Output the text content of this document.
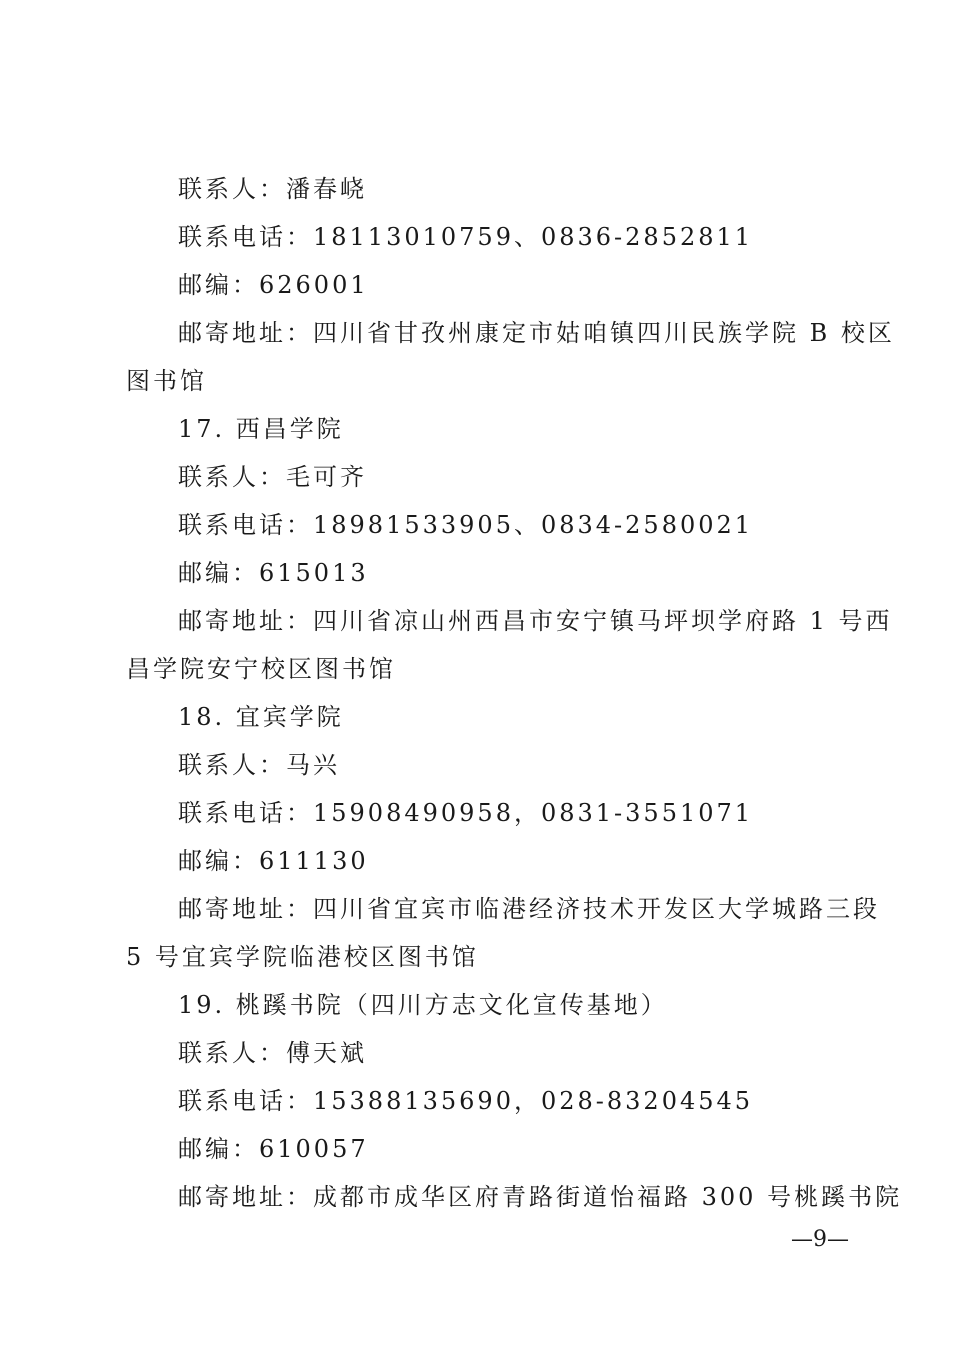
联系人：潘春峣
联系电话：18113010759、0836-2852811
邮编：626001
邮寄地址：四川省甘孜州康定市姑咱镇四川民族学院 B 校区
图书馆
17. 西昌学院
联系人：毛可齐
联系电话：18981533905、0834-2580021
邮编：615013
邮寄地址：四川省凉山州西昌市安宁镇马坪坝学府路 1 号西
昌学院安宁校区图书馆
18. 宜宾学院
联系人：马兴
联系电话：15908490958，0831-3551071
邮编：611130
邮寄地址：四川省宜宾市临港经济技术开发区大学城路三段
5 号宜宾学院临港校区图书馆
19. 桃蹊书院（四川方志文化宣传基地）
联系人：傅天斌
联系电话：15388135690，028-83204545
邮编：610057
邮寄地址：成都市成华区府青路街道怡福路 300 号桃蹊书院
—9—
